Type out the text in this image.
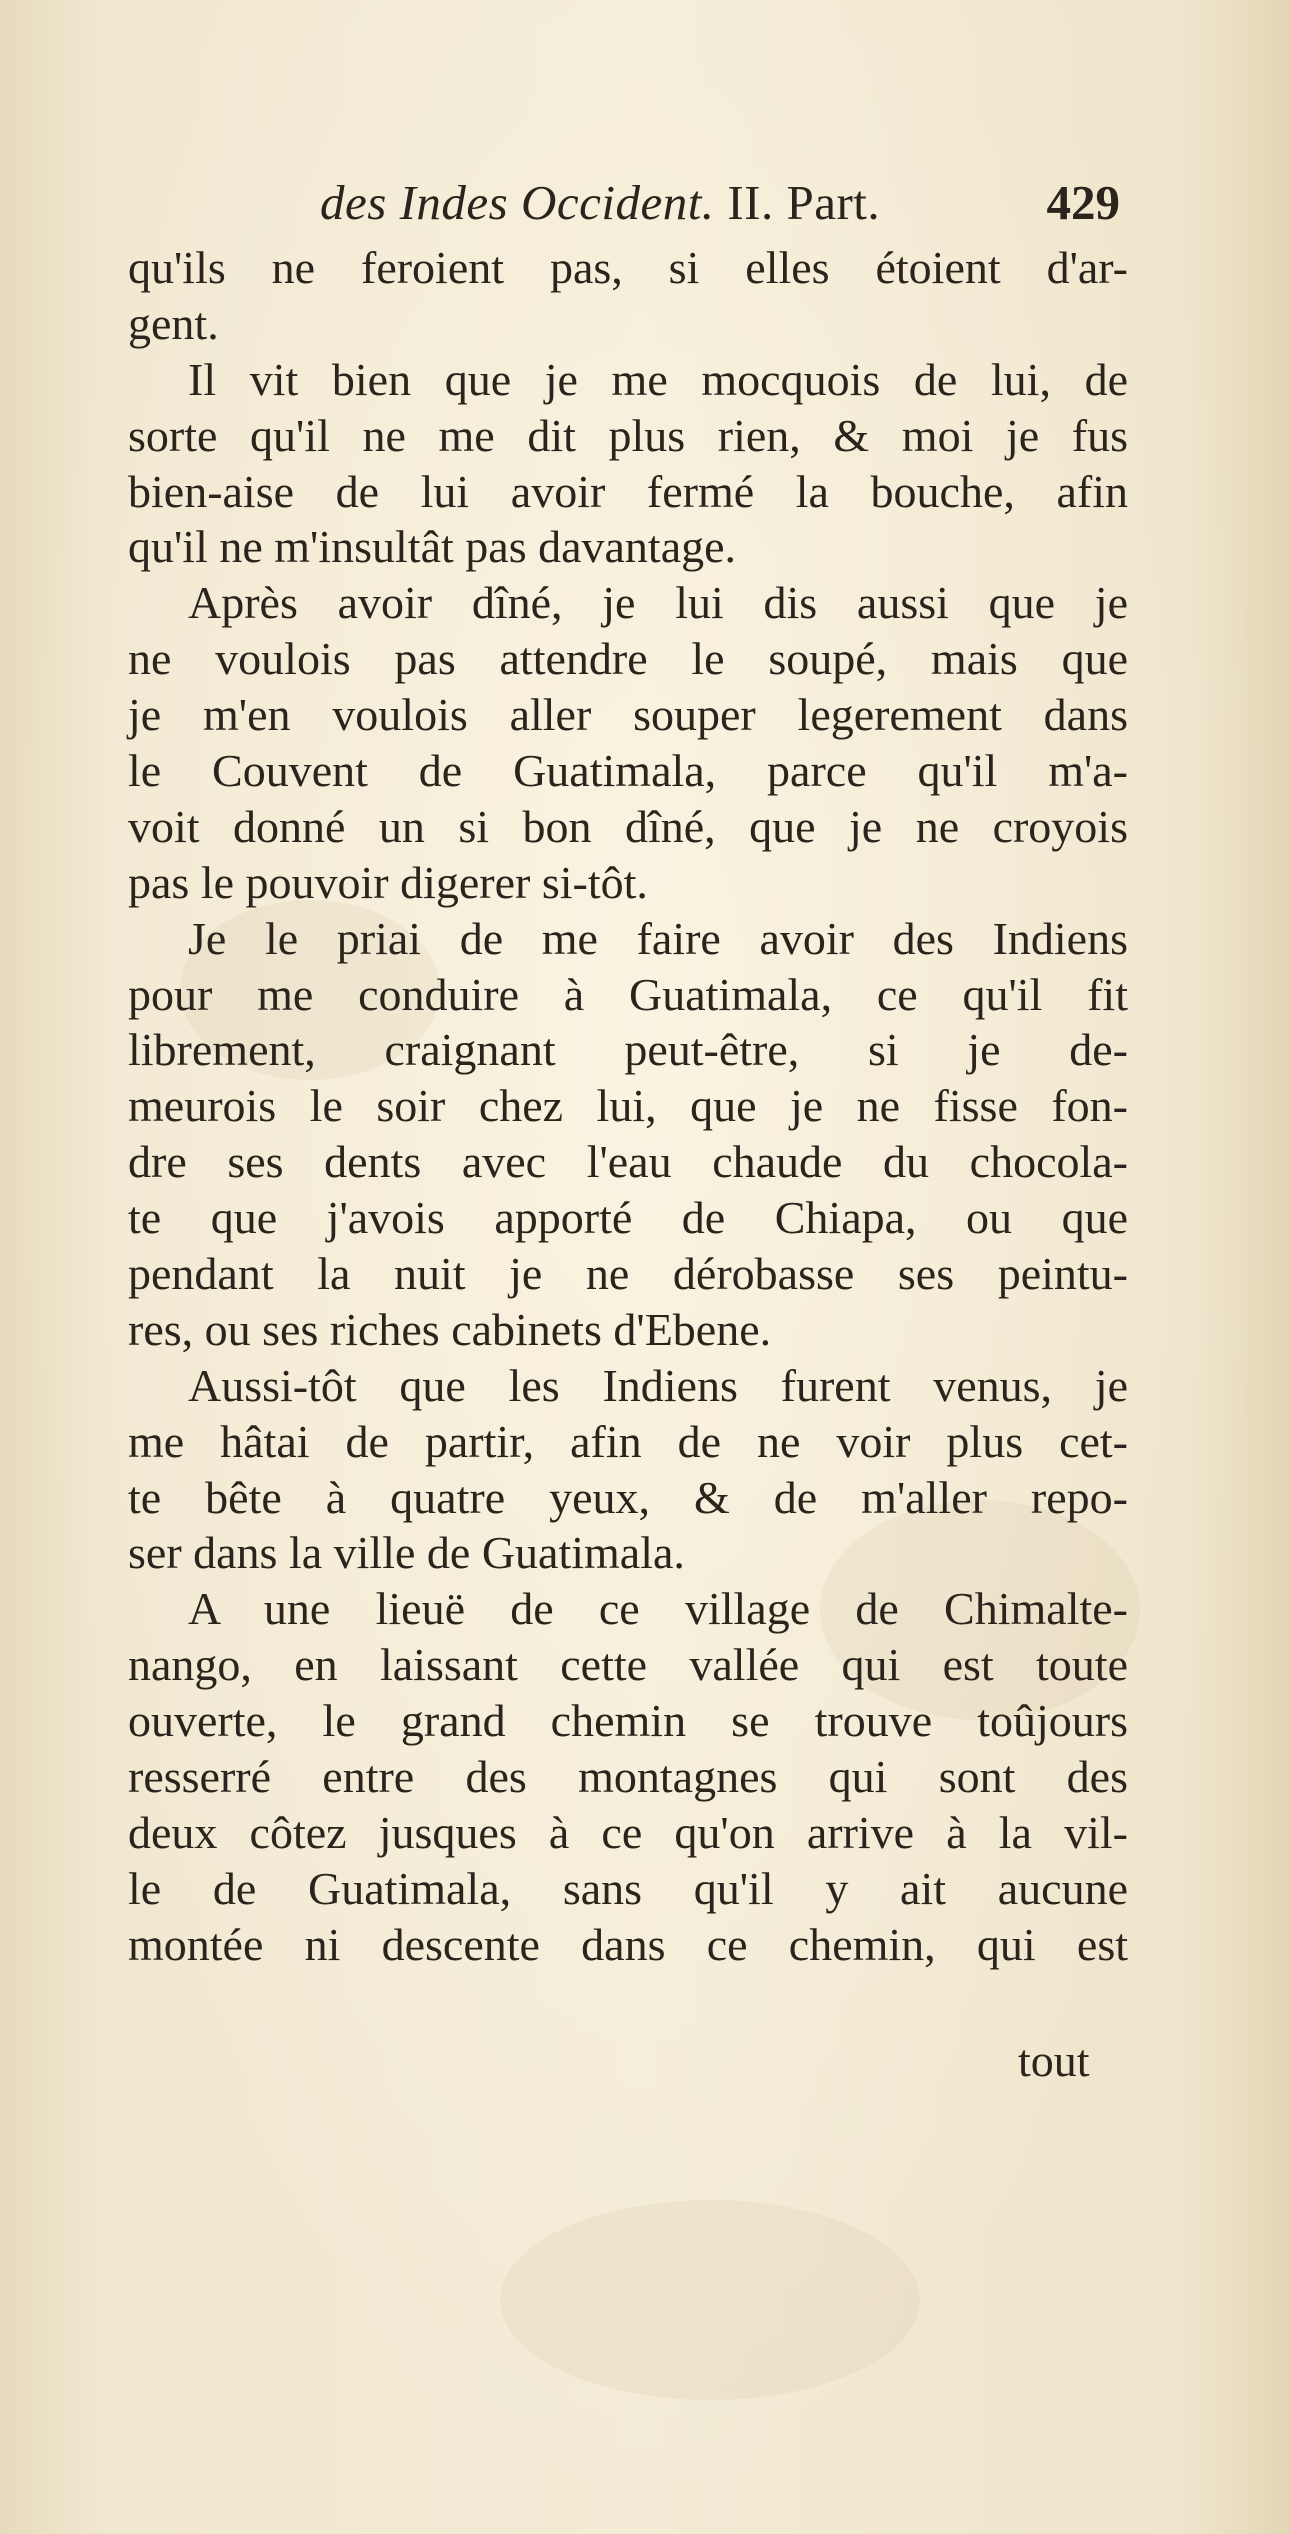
des Indes Occident. II. Part.	429
qu'ils ne feroient pas, si elles étoient d'ar-
gent.
Il vit bien que je me mocquois de lui, de
sorte qu'il ne me dit plus rien, & moi je fus
bien-aise de lui avoir fermé la bouche, afin
qu'il ne m'insultât pas davantage.
Après avoir dîné, je lui dis aussi que je
ne voulois pas attendre le soupé, mais que
je m'en voulois aller souper legerement dans
le Couvent de Guatimala, parce qu'il m'a-
voit donné un si bon dîné, que je ne croyois
pas le pouvoir digerer si-tôt.
Je le priai de me faire avoir des Indiens
pour me conduire à Guatimala, ce qu'il fit
librement, craignant peut-être, si je de-
meurois le soir chez lui, que je ne fisse fon-
dre ses dents avec l'eau chaude du chocola-
te que j'avois apporté de Chiapa, ou que
pendant la nuit je ne dérobasse ses peintu-
res, ou ses riches cabinets d'Ebene.
Aussi-tôt que les Indiens furent venus, je
me hâtai de partir, afin de ne voir plus cet-
te bête à quatre yeux, & de m'aller repo-
ser dans la ville de Guatimala.
A une lieuë de ce village de Chimalte-
nango, en laissant cette vallée qui est toute
ouverte, le grand chemin se trouve toûjours
resserré entre des montagnes qui sont des
deux côtez jusques à ce qu'on arrive à la vil-
le de Guatimala, sans qu'il y ait aucune
montée ni descente dans ce chemin, qui est
tout
